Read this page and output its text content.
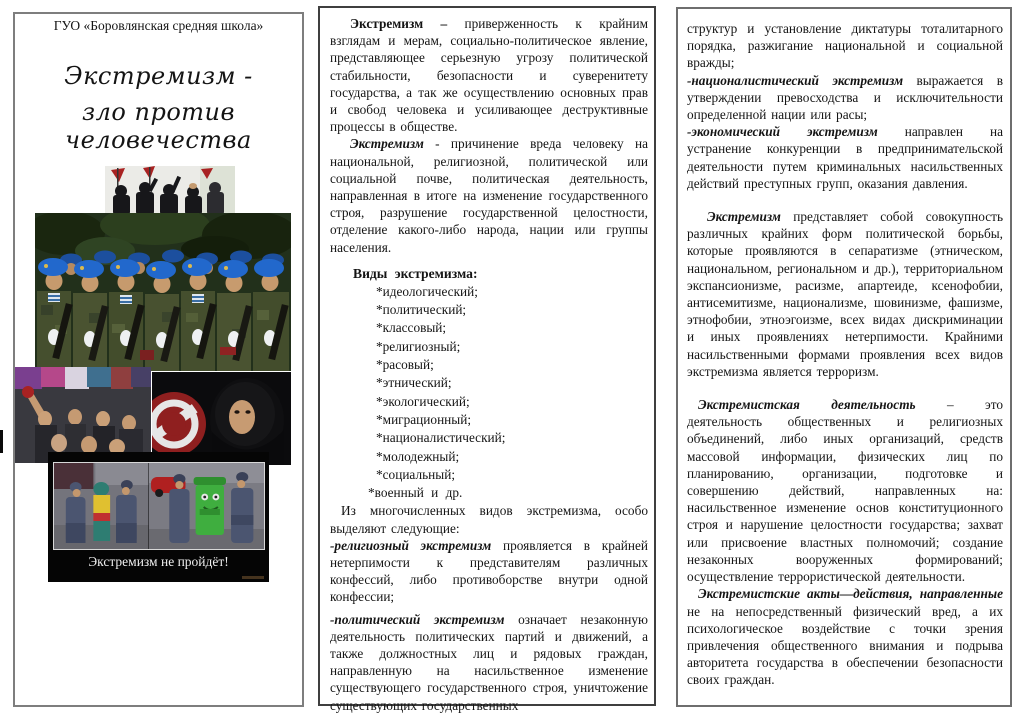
ГУО «Боровлянская средняя школа»
Экстремизм -
зло против человечества
Экстремизм не пройдёт!

Экстремизм – приверженность к крайним взглядам и мерам, социально-политическое явление, представляющее серьезную угрозу политической стабильности, безопасности и суверенитету государства, а так же осуществлению основных прав и свобод человека и усиливающее деструктивные процессы в обществе.

Экстремизм - причинение вреда человеку на национальной, религиозной, политической или социальной почве, политическая деятельность, направленная в итоге на изменение государственного строя, разрушение государственной целостности, отделение какого-либо народа, нации или группы населения.

Виды экстремизма:
*идеологический;
*политический;
*классовый;
*религиозный;
*расовый;
*этнический;
*экологический;
*миграционный;
*националистический;
*молодежный;
*социальный;
*военный и др.

Из многочисленных видов экстремизма, особо выделяют следующие:

-религиозный экстремизм проявляется в крайней нетерпимости к представителям различных конфессий, либо противоборстве внутри одной конфессии;

-политический экстремизм означает незаконную деятельность политических партий и движений, а также должностных лиц и рядовых граждан, направленную на насильственное изменение существующего государственного строя, уничтожение существующих государственных

структур и установление диктатуры тоталитарного порядка, разжигание национальной и социальной вражды;

-националистический экстремизм выражается в утверждении превосходства и исключительности определенной нации или расы;

-экономический экстремизм направлен на устранение конкуренции в предпринимательской деятельности путем криминальных насильственных действий преступных групп, оказания давления.

Экстремизм представляет собой совокупность различных крайних форм политической борьбы, которые проявляются в сепаратизме (этническом, национальном, региональном и др.), территориальном экспансионизме, расизме, апартеиде, ксенофобии, антисемитизме, национализме, шовинизме, фашизме, этнофобии, этноэгоизме, всех видах дискриминации и иных проявлениях нетерпимости. Крайними насильственными формами проявления всех видов экстремизма является терроризм.

Экстремистская деятельность – это деятельность общественных и религиозных объединений, либо иных организаций, средств массовой информации, физических лиц по планированию, организации, подготовке и совершению действий, направленных на: насильственное изменение основ конституционного строя и нарушение целостности государства; захват или присвоение властных полномочий; создание незаконных вооруженных формирований; осуществление террористической деятельности.

Экстремистские акты—действия, направленные не на непосредственный физический вред, а их психологическое воздействие с точки зрения привлечения общественного внимания и подрыва авторитета государства в обеспечении безопасности своих граждан.
